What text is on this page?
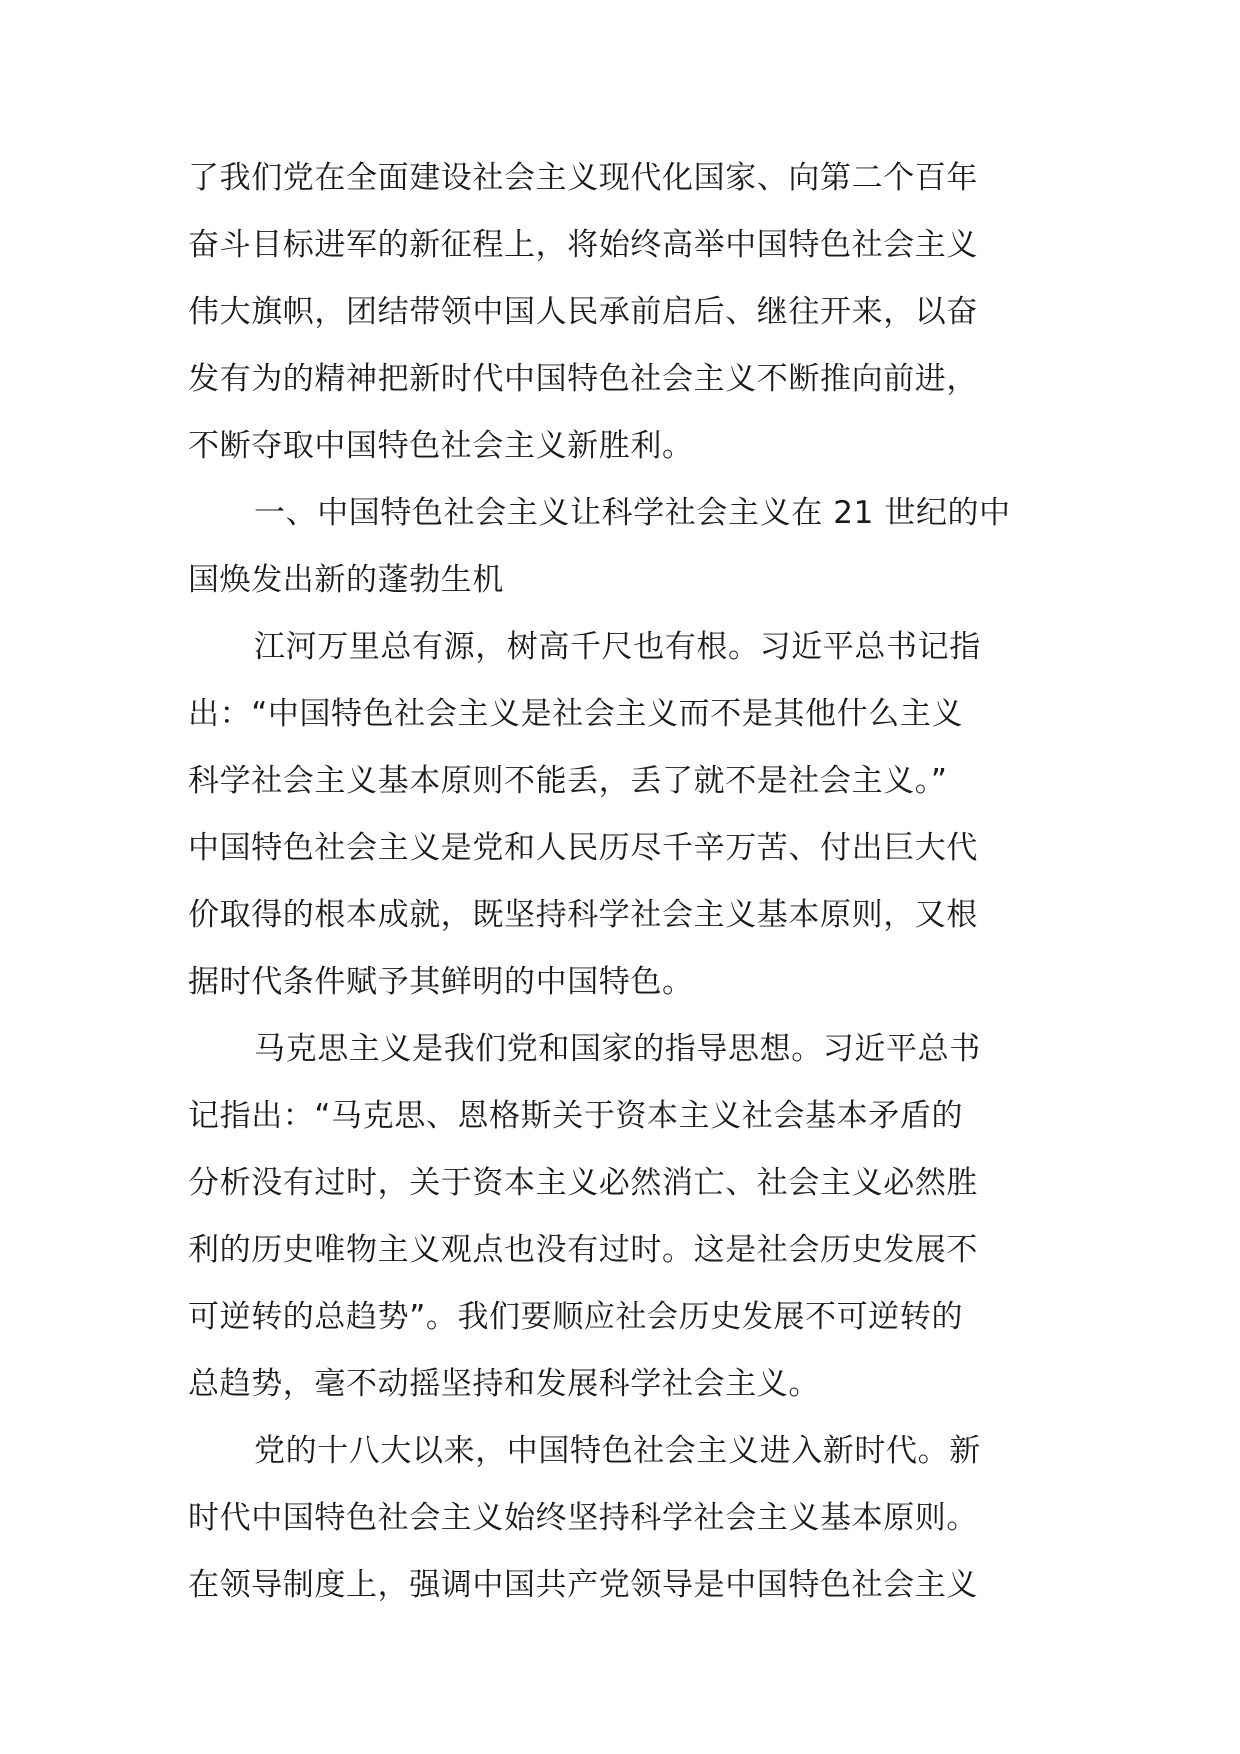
了我们党在全面建设社会主义现代化国家、向第二个百年
奋斗目标进军的新征程上，将始终高举中国特色社会主义
伟大旗帜，团结带领中国人民承前启后、继往开来，以奋
发有为的精神把新时代中国特色社会主义不断推向前进，
不断夺取中国特色社会主义新胜利。
一、中国特色社会主义让科学社会主义在 21 世纪的中
国焕发出新的蓬勃生机
江河万里总有源，树高千尺也有根。习近平总书记指
出：“中国特色社会主义是社会主义而不是其他什么主义
科学社会主义基本原则不能丢，丢了就不是社会主义。”
中国特色社会主义是党和人民历尽千辛万苦、付出巨大代
价取得的根本成就，既坚持科学社会主义基本原则，又根
据时代条件赋予其鲜明的中国特色。
马克思主义是我们党和国家的指导思想。习近平总书
记指出：“马克思、恩格斯关于资本主义社会基本矛盾的
分析没有过时，关于资本主义必然消亡、社会主义必然胜
利的历史唯物主义观点也没有过时。这是社会历史发展不
可逆转的总趋势”。我们要顺应社会历史发展不可逆转的
总趋势，毫不动摇坚持和发展科学社会主义。
党的十八大以来，中国特色社会主义进入新时代。新
时代中国特色社会主义始终坚持科学社会主义基本原则。
在领导制度上，强调中国共产党领导是中国特色社会主义
